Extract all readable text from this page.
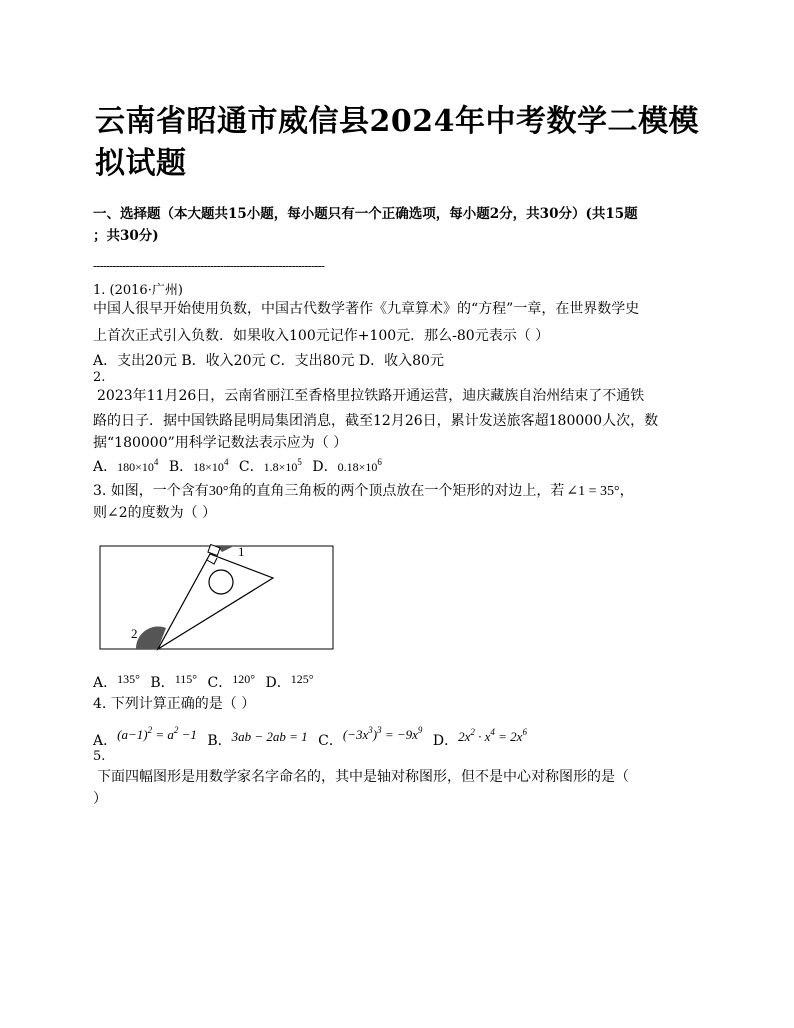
云南省昭通市威信县2024年中考数学二模模
拟试题
一、选择题（本大题共15小题，每小题只有一个正确选项，每小题2分，共30分）(共15题
；共30分)
-----------------------------------------------------------------------
1. (2016·广州)
中国人很早开始使用负数，中国古代数学著作《九章算术》的“方程”一章，在世界数学史
上首次正式引入负数．如果收入100元记作+100元．那么-80元表示（ ）
A．支出20元 B．收入20元 C．支出80元 D．收入80元
2.
2023年11月26日，云南省丽江至香格里拉铁路开通运营，迪庆藏族自治州结束了不通铁
路的日子．据中国铁路昆明局集团消息，截至12月26日，累计发送旅客超180000人次，数
据“180000”用科学记数法表示应为（ ）
A．$180\times 10^4$ B．$18\times 10^4$ C．$1.8\times 10^5$ D．$0.18\times 10^6$
3. 如图，一个含有30°角的直角三角板的两个顶点放在一个矩形的对边上，若 ∠1 = 35°，
则∠2的度数为（ ）
1
2
A．135° B．115° C．120° D．125°
4. 下列计算正确的是（ ）
A．$(a-1)^2 = a^2 -1$ B．3ab − 2ab = 1 C．$(-3x^3)^3 = -9x^9$ D．$2x^2 \cdot x^4 = 2x^6$
5.
下面四幅图形是用数学家名字命名的，其中是轴对称图形，但不是中心对称图形的是（
）
